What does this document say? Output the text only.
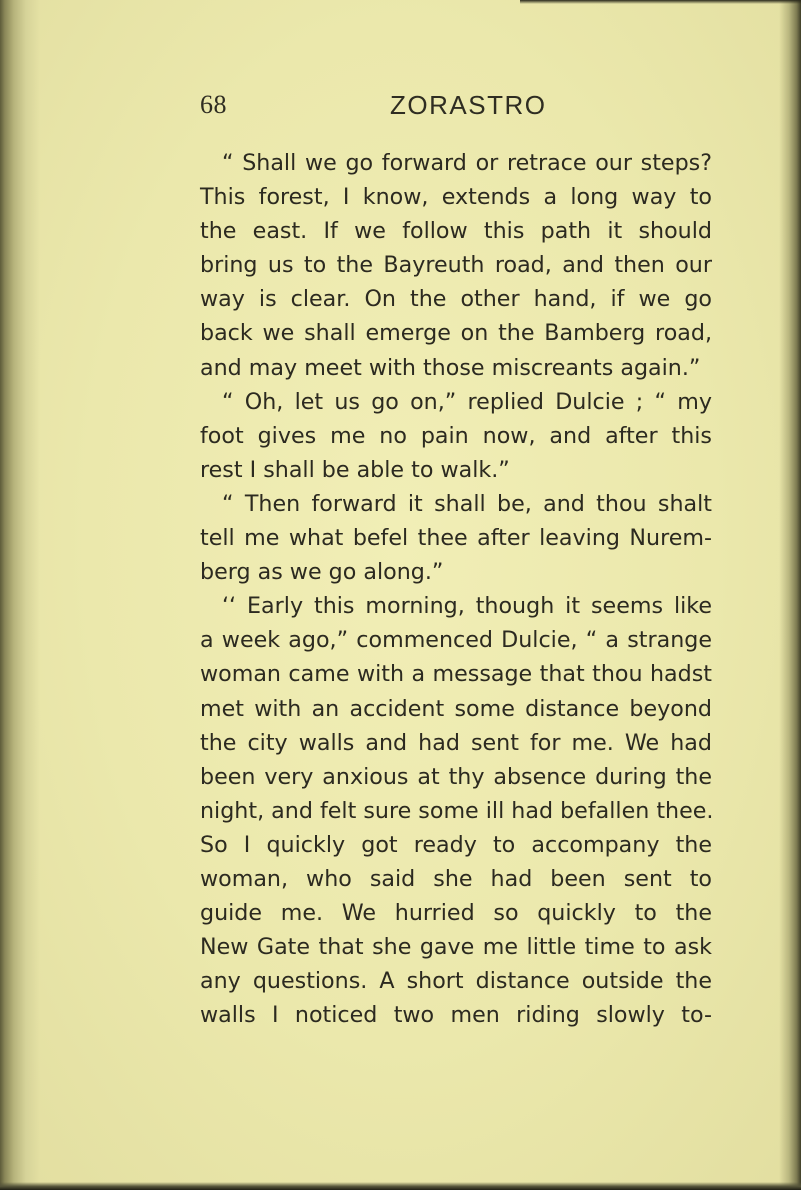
68	ZORASTRO
“ Shall we go forward or retrace our steps?
This forest, I know, extends a long way to
the east. If we follow this path it should
bring us to the Bayreuth road, and then our
way is clear. On the other hand, if we go
back we shall emerge on the Bamberg road,
and may meet with those miscreants again.”
“ Oh, let us go on,” replied Dulcie ; “ my
foot gives me no pain now, and after this
rest I shall be able to walk.”
“ Then forward it shall be, and thou shalt
tell me what befel thee after leaving Nurem-
berg as we go along.”
‘‘ Early this morning, though it seems like
a week ago,” commenced Dulcie, “ a strange
woman came with a message that thou hadst
met with an accident some distance beyond
the city walls and had sent for me. We had
been very anxious at thy absence during the
night, and felt sure some ill had befallen thee.
So I quickly got ready to accompany the
woman, who said she had been sent to
guide me. We hurried so quickly to the
New Gate that she gave me little time to ask
any questions. A short distance outside the
walls I noticed two men riding slowly to-
